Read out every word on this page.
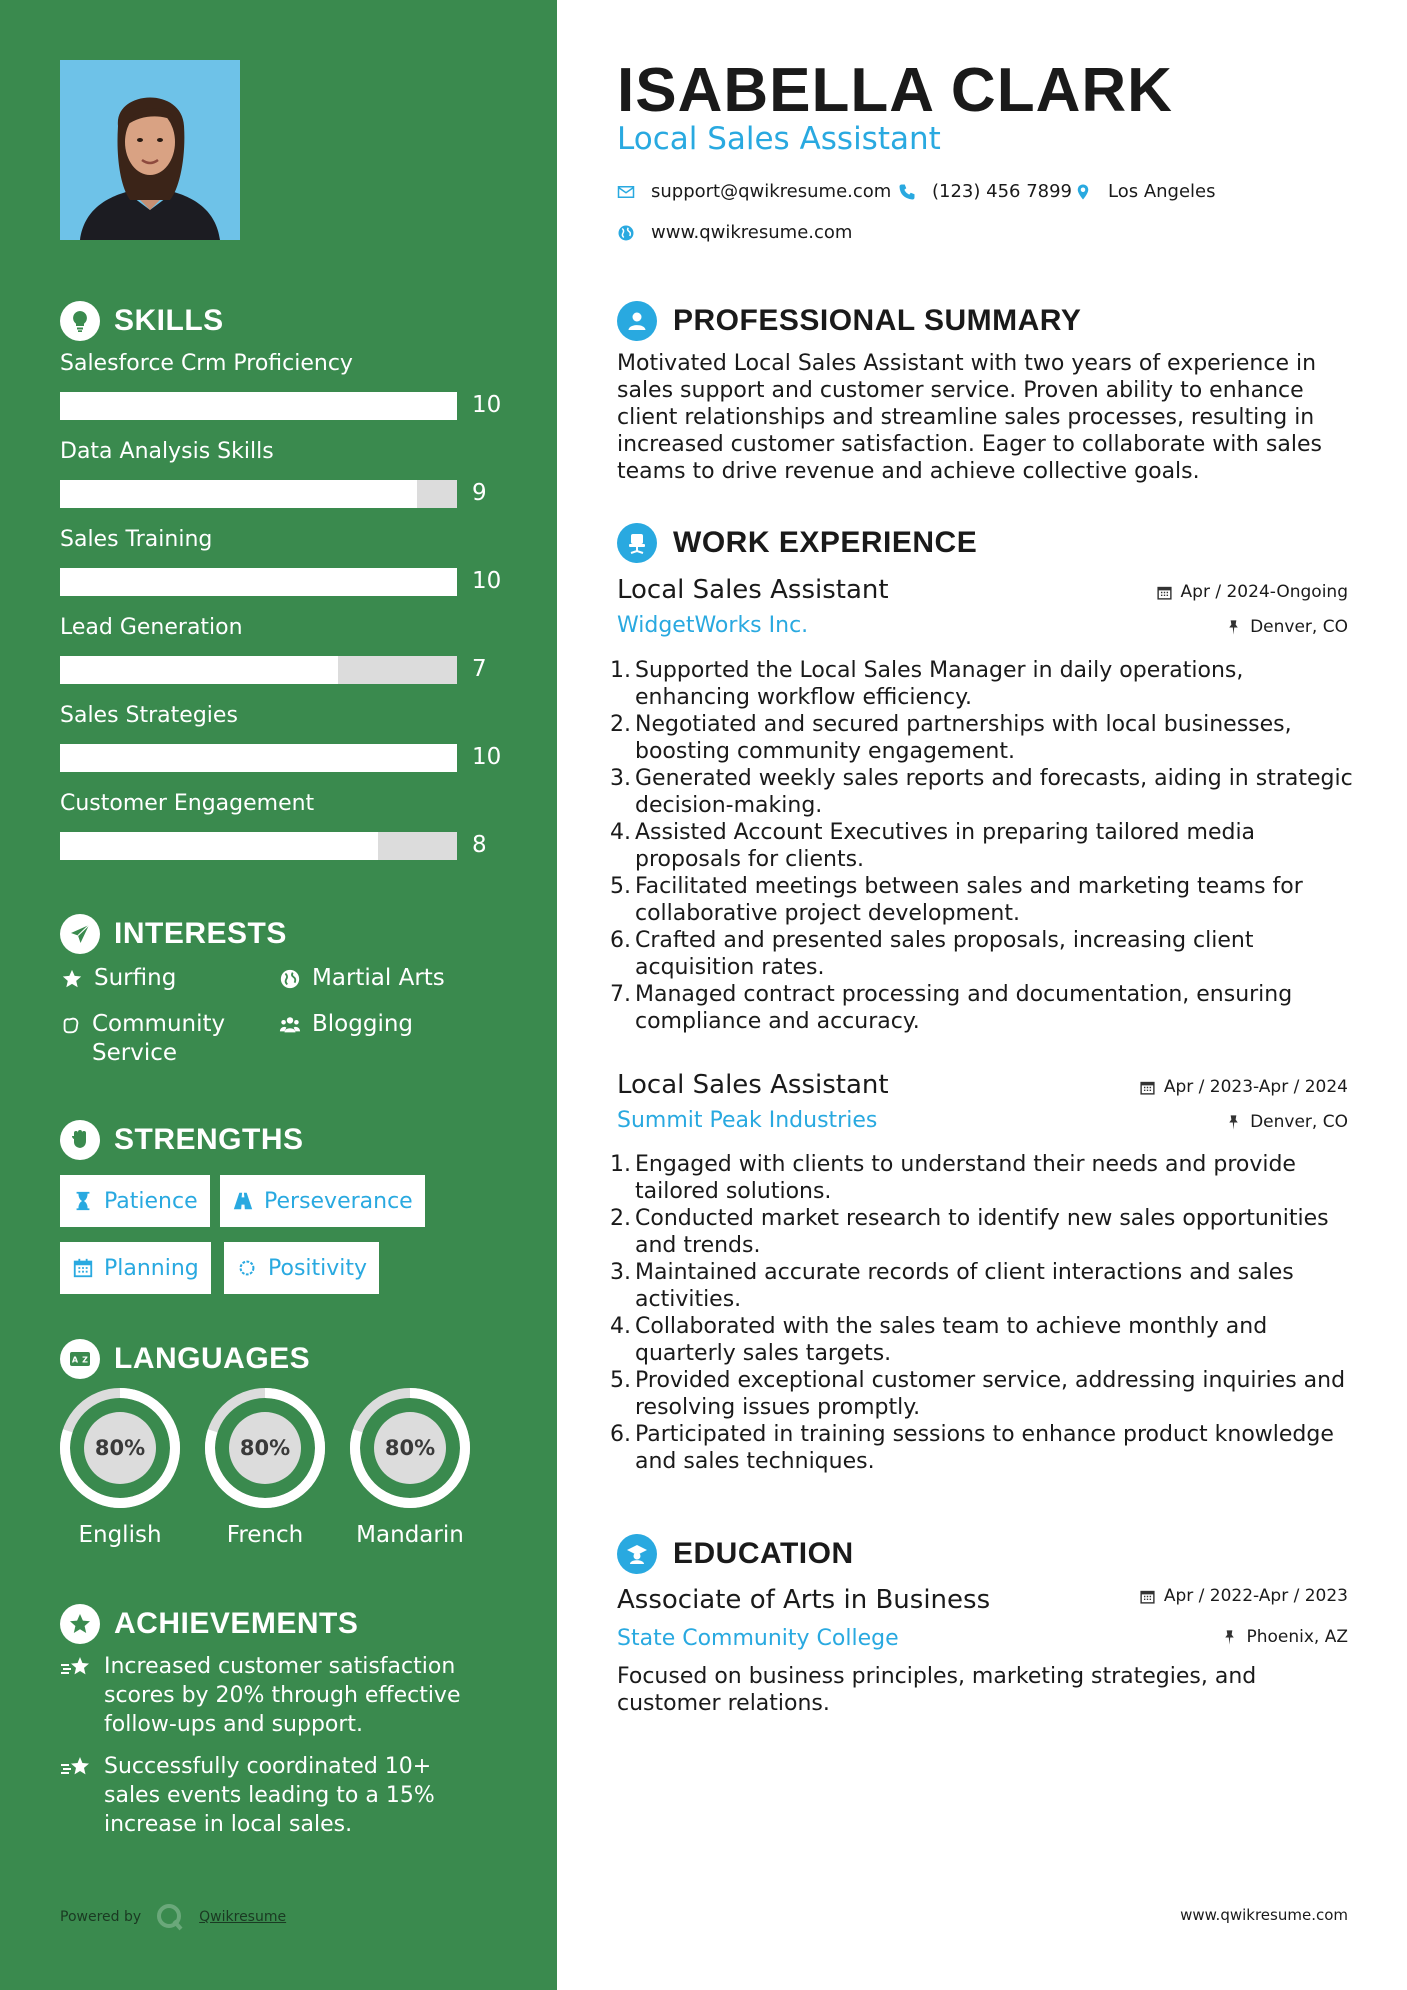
SKILLS
Salesforce Crm Proficiency
10
Data Analysis Skills
9
Sales Training
10
Lead Generation
7
Sales Strategies
10
Customer Engagement
8
INTERESTS
Surfing	Martial Arts
Community Service
Blogging
STRENGTHS
Patience	Perseverance
Planning	Positivity
A Z LANGUAGES
80%
English
80%
French
80%
Mandarin
ACHIEVEMENTS
Increased customer satisfaction scores by 20% through effective follow-ups and support.
Successfully coordinated 10+ sales events leading to a 15% increase in local sales.
Powered by	Qwikresume
ISABELLA CLARK
Local Sales Assistant
support@qwikresume.com (123) 456 7899 Los Angeles
www.qwikresume.com
PROFESSIONAL SUMMARY

Motivated Local Sales Assistant with two years of experience in sales support and customer service. Proven ability to enhance client relationships and streamline sales processes, resulting in increased customer satisfaction. Eager to collaborate with sales teams to drive revenue and achieve collective goals.

WORK EXPERIENCE
Local Sales Assistant	Apr / 2024-Ongoing
WidgetWorks Inc.	Denver, CO
1. Supported the Local Sales Manager in daily operations, enhancing workflow efficiency.
2. Negotiated and secured partnerships with local businesses, boosting community engagement.
3. Generated weekly sales reports and forecasts, aiding in strategic decision-making.
4. Assisted Account Executives in preparing tailored media proposals for clients.
5. Facilitated meetings between sales and marketing teams for collaborative project development.
6. Crafted and presented sales proposals, increasing client acquisition rates.
7. Managed contract processing and documentation, ensuring compliance and accuracy.
Local Sales Assistant	Apr / 2023-Apr / 2024
Summit Peak Industries	Denver, CO
1. Engaged with clients to understand their needs and provide tailored solutions.
2. Conducted market research to identify new sales opportunities and trends.
3. Maintained accurate records of client interactions and sales activities.
4. Collaborated with the sales team to achieve monthly and quarterly sales targets.
5. Provided exceptional customer service, addressing inquiries and resolving issues promptly.
6. Participated in training sessions to enhance product knowledge and sales techniques.
EDUCATION
Associate of Arts in Business	Apr / 2022-Apr / 2023
State Community College	Phoenix, AZ

Focused on business principles, marketing strategies, and customer relations.

www.qwikresume.com
